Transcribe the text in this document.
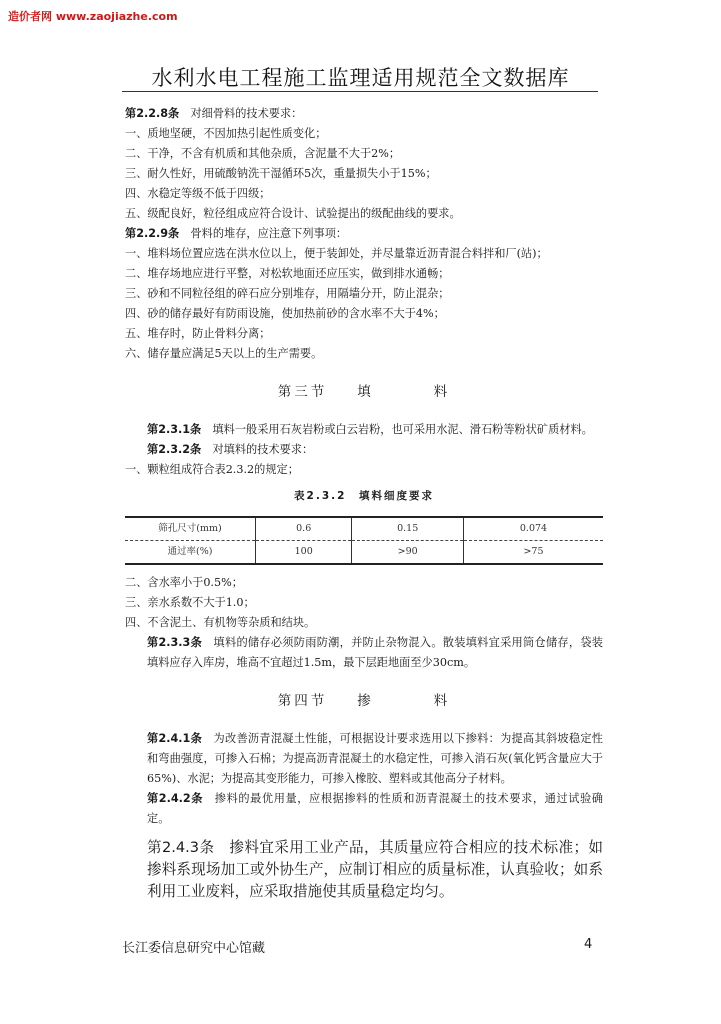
造价者网 www.zaojiazhe.com
水利水电工程施工监理适用规范全文数据库

第2.2.8条　 对细骨料的技术要求：

一、质地坚硬，不因加热引起性质变化；

二、干净，不含有机质和其他杂质，含泥量不大于2%；

三、耐久性好，用硫酸钠洗干湿循环5次，重量损失小于15%；

四、水稳定等级不低于四级；

五、级配良好，粒径组成应符合设计、试验提出的级配曲线的要求。

第2.2.9条　 骨料的堆存，应注意下列事项：

一、堆料场位置应选在洪水位以上，便于装卸处，并尽量靠近沥青混合料拌和厂(站)；

二、堆存场地应进行平整，对松软地面还应压实，做到排水通畅；

三、砂和不同粒径组的碎石应分别堆存，用隔墙分开，防止混杂；

四、砂的储存最好有防雨设施，使加热前砂的含水率不大于4%；

五、堆存时，防止骨料分离；

六、储存量应满足5天以上的生产需要。

第三节 填	料

第2.3.1条　 填料一般采用石灰岩粉或白云岩粉，也可采用水泥、滑石粉等粉状矿质材料。

第2.3.2条　 对填料的技术要求：

一、颗粒组成符合表2.3.2的规定；

表2.3.2　填料细度要求

筛孔尺寸(mm)	0.6	0.15	0.074
通过率(%)	100	>90	>75

二、含水率小于0.5%；

三、亲水系数不大于1.0；

四、不含泥土、有机物等杂质和结块。

第2.3.3条　 填料的储存必须防雨防潮，并防止杂物混入。散装填料宜采用筒仓储存，袋装填料应存入库房，堆高不宜超过1.5m，最下层距地面至少30cm。

第四节 掺	料

第2.4.1条　 为改善沥青混凝土性能，可根据设计要求选用以下掺料：为提高其斜坡稳定性和弯曲强度，可掺入石棉；为提高沥青混凝土的水稳定性，可掺入消石灰(氧化钙含量应大于65%)、水泥；为提高其变形能力，可掺入橡胶、塑料或其他高分子材料。

第2.4.2条　 掺料的最优用量，应根据掺料的性质和沥青混凝土的技术要求，通过试验确定。

第2.4.3条　掺料宜采用工业产品，其质量应符合相应的技术标准；如掺料系现场加工或外协生产，应制订相应的质量标准，认真验收；如系利用工业废料，应采取措施使其质量稳定均匀。

长江委信息研究中心馆藏	4
